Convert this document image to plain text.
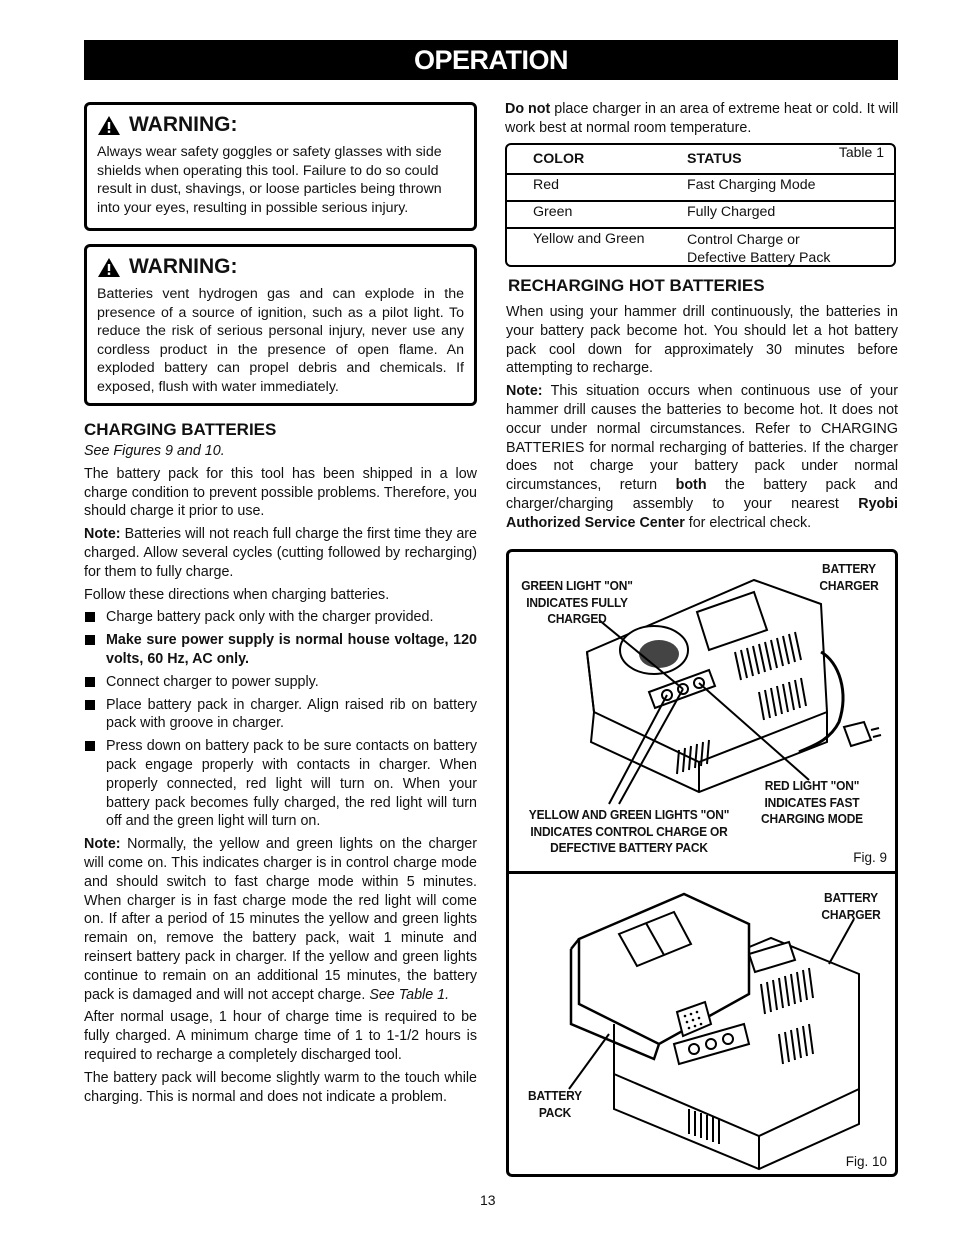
OPERATION
WARNING:
Always wear safety goggles or safety glasses with side shields when operating this tool. Failure to do so could result in dust, shavings, or loose particles being thrown into your eyes, resulting in possible serious injury.
WARNING:
Batteries vent hydrogen gas and can explode in the presence of a source of ignition, such as a pilot light. To reduce the risk of serious personal injury, never use any cordless product in the presence of open flame. An exploded battery can propel debris and chemicals. If exposed, flush with water immediately.
CHARGING BATTERIES

See Figures 9 and 10.

The battery pack for this tool has been shipped in a low charge condition to prevent possible problems. Therefore, you should charge it prior to use.

Note: Batteries will not reach full charge the first time they are charged. Allow several cycles (cutting followed by recharging) for them to fully charge.

Follow these directions when charging batteries.

Charge battery pack only with the charger provided.
Make sure power supply is normal house voltage, 120 volts, 60 Hz, AC only.
Connect charger to power supply.
Place battery pack in charger. Align raised rib on battery pack with groove in charger.
Press down on battery pack to be sure contacts on battery pack engage properly with contacts in charger. When properly connected, red light will turn on. When your battery pack becomes fully charged, the red light will turn off and the green light will turn on.

Note: Normally, the yellow and green lights on the charger will come on. This indicates charger is in control charge mode and should switch to fast charge mode within 5 minutes. When charger is in fast charge mode the red light will come on. If after a period of 15 minutes the yellow and green lights remain on, remove the battery pack, wait 1 minute and reinsert battery pack in charger. If the yellow and green lights continue to remain on an additional 15 minutes, the battery pack is damaged and will not accept charge. See Table 1.

After normal usage, 1 hour of charge time is required to be fully charged. A minimum charge time of 1 to 1-1/2 hours is required to recharge a completely discharged tool.

The battery pack will become slightly warm to the touch while charging. This is normal and does not indicate a problem.

Do not place charger in an area of extreme heat or cold. It will work best at normal room temperature.
Table 1
COLOR	STATUS
Red	Fast Charging Mode
Green	Fully Charged
Yellow and Green	Control Charge or
Defective Battery Pack
RECHARGING HOT BATTERIES

When using your hammer drill continuously, the batteries in your battery pack become hot. You should let a hot battery pack cool down for approximately 30 minutes before attempting to recharge.

Note: This situation occurs when continuous use of your hammer drill causes the batteries to become hot. It does not occur under normal circumstances. Refer to CHARGING BATTERIES for normal recharging of batteries. If the charger does not charge your battery pack under normal circumstances, return both the battery pack and charger/charging assembly to your nearest Ryobi Authorized Service Center for electrical check.

GREEN LIGHT "ON"
INDICATES FULLY
CHARGED
BATTERY
CHARGER
RED LIGHT "ON"
INDICATES FAST
CHARGING MODE
YELLOW AND GREEN LIGHTS "ON"
INDICATES CONTROL CHARGE OR
DEFECTIVE BATTERY PACK
Fig. 9
BATTERY
CHARGER
BATTERY
PACK
Fig. 10
13
